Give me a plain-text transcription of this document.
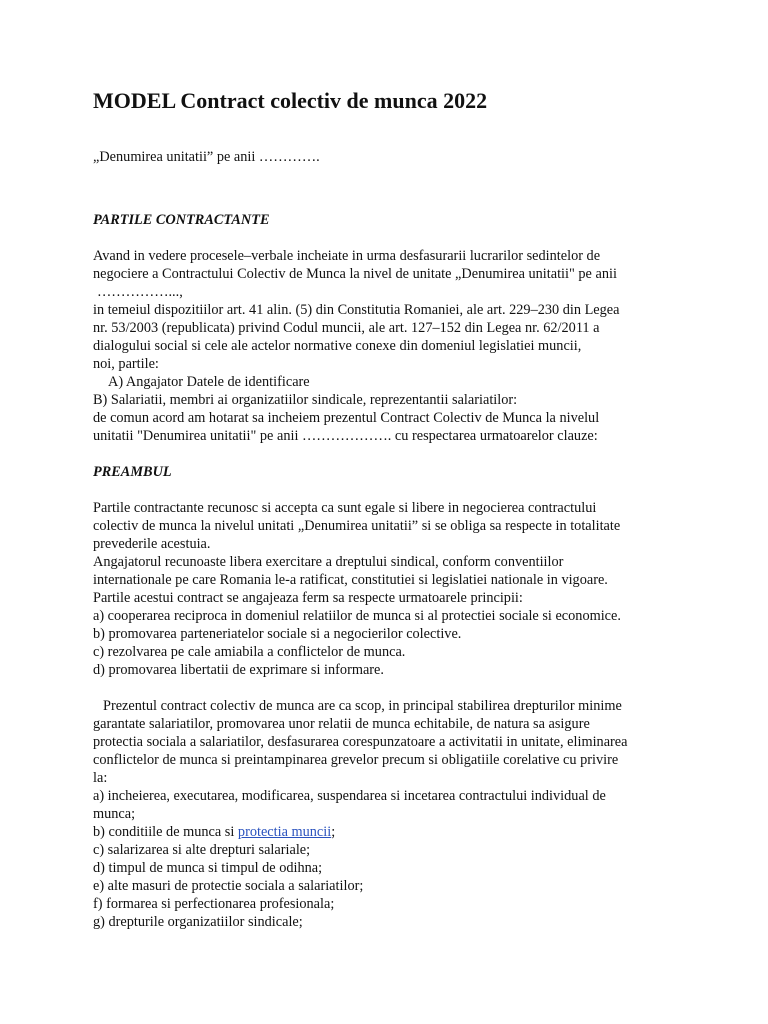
MODEL Contract colectiv de munca 2022

„Denumirea unitatii” pe anii ………….

PARTILE CONTRACTANTE

Avand in vedere procesele–verbale incheiate in urma desfasurarii lucrarilor sedintelor de

negociere a Contractului Colectiv de Munca la nivel de unitate „Denumirea unitatii" pe anii

……………...,

in temeiul dispozitiilor art. 41 alin. (5) din Constitutia Romaniei, ale art. 229–230 din Legea

nr. 53/2003 (republicata) privind Codul muncii, ale art. 127–152 din Legea nr. 62/2011 a

dialogului social si cele ale actelor normative conexe din domeniul legislatiei muncii,

noi, partile:

A) Angajator Datele de identificare

B) Salariatii, membri ai organizatiilor sindicale, reprezentantii salariatilor:

de comun acord am hotarat sa incheiem prezentul Contract Colectiv de Munca la nivelul

unitatii "Denumirea unitatii" pe anii ………………. cu respectarea urmatoarelor clauze:

PREAMBUL

Partile contractante recunosc si accepta ca sunt egale si libere in negocierea contractului

colectiv de munca la nivelul unitati „Denumirea unitatii” si se obliga sa respecte in totalitate

prevederile acestuia.

Angajatorul recunoaste libera exercitare a dreptului sindical, conform conventiilor

internationale pe care Romania le-a ratificat, constitutiei si legislatiei nationale in vigoare.

Partile acestui contract se angajeaza ferm sa respecte urmatoarele principii:

a) cooperarea reciproca in domeniul relatiilor de munca si al protectiei sociale si economice.

b) promovarea parteneriatelor sociale si a negocierilor colective.

c) rezolvarea pe cale amiabila a conflictelor de munca.

d) promovarea libertatii de exprimare si informare.

Prezentul contract colectiv de munca are ca scop, in principal stabilirea drepturilor minime

garantate salariatilor, promovarea unor relatii de munca echitabile, de natura sa asigure

protectia sociala a salariatilor, desfasurarea corespunzatoare a activitatii in unitate, eliminarea

conflictelor de munca si preintampinarea grevelor precum si obligatiile corelative cu privire

la:

a) incheierea, executarea, modificarea, suspendarea si incetarea contractului individual de

munca;

b) conditiile de munca si protectia muncii;

c) salarizarea si alte drepturi salariale;

d) timpul de munca si timpul de odihna;

e) alte masuri de protectie sociala a salariatilor;

f) formarea si perfectionarea profesionala;

g) drepturile organizatiilor sindicale;
